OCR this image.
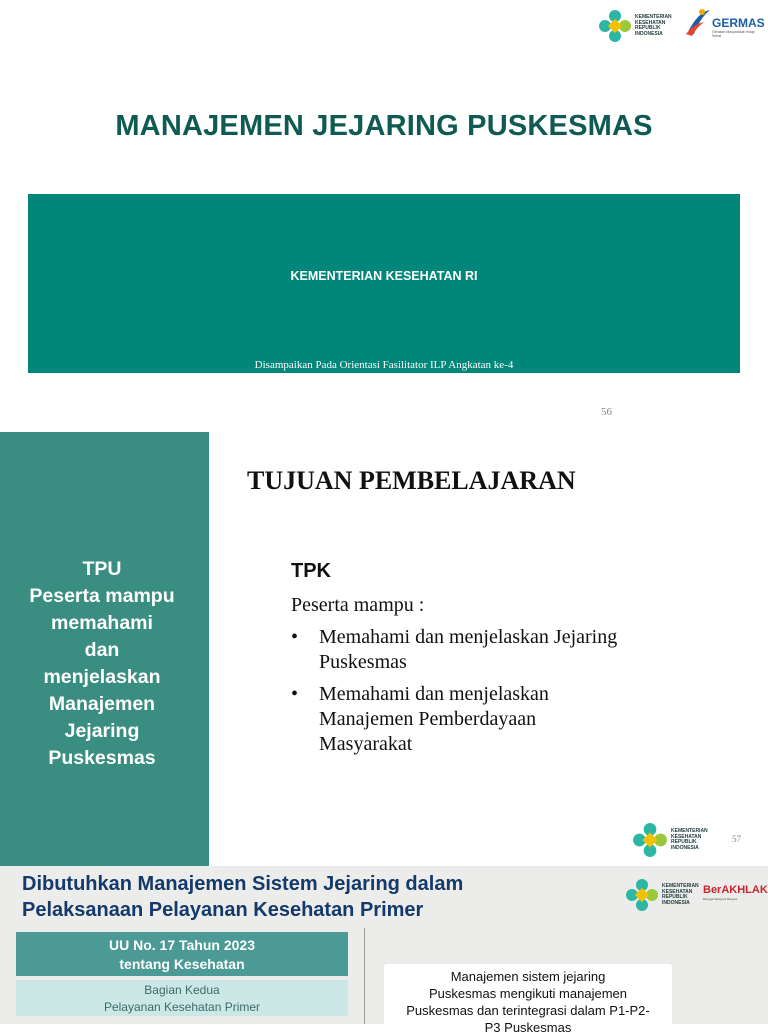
KEMENTERIAN
KESEHATAN
REPUBLIK
INDONESIA
GERMAS
Gerakan Masyarakat Hidup Sehat
MANAJEMEN JEJARING PUSKESMAS
KEMENTERIAN KESEHATAN RI
Disampaikan Pada Orientasi Fasilitator ILP Angkatan ke-4
56
TPU
Peserta mampu
memahami
dan
menjelaskan
Manajemen
Jejaring
Puskesmas
TUJUAN PEMBELAJARAN
TPK
Peserta mampu :
• Memahami dan menjelaskan Jejaring Puskesmas
• Memahami dan menjelaskan Manajemen Pemberdayaan Masyarakat
KEMENTERIAN
KESEHATAN
REPUBLIK
INDONESIA
57
Dibutuhkan Manajemen Sistem Jejaring dalam
Pelaksanaan Pelayanan Kesehatan Primer
KEMENTERIAN
KESEHATAN
REPUBLIK
INDONESIA
BerAKHLAK
Bangga Melayani Bangsa
UU No. 17 Tahun 2023
tentang Kesehatan
Bagian Kedua
Pelayanan Kesehatan Primer
Manajemen sistem jejaring
Puskesmas mengikuti manajemen
Puskesmas dan terintegrasi dalam P1-P2-
P3 Puskesmas
